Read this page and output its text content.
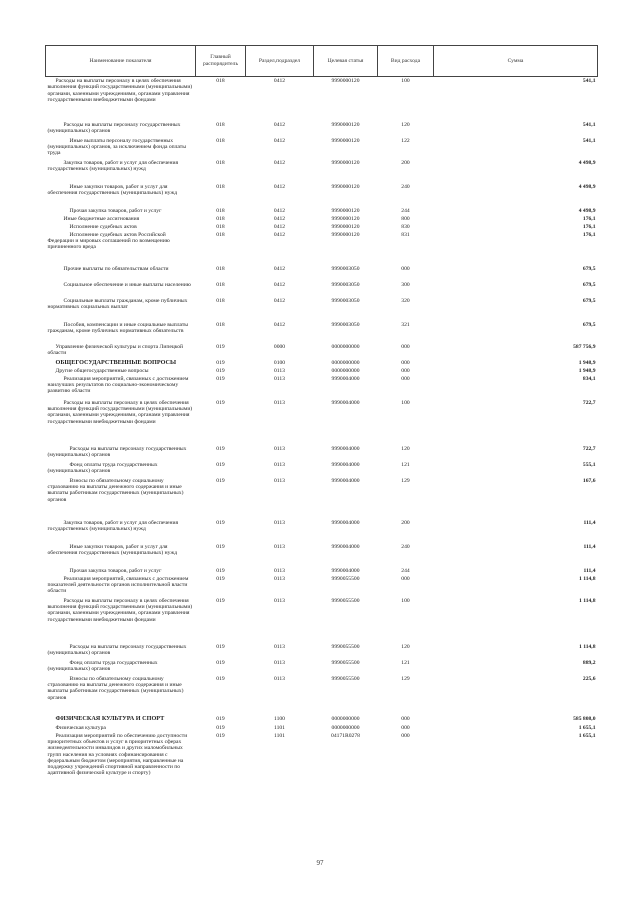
Наименование показателя	Главный распорядитель	Раздел,подраздел	Целевая статья	Вид расхода	Сумма

Расходы на выплаты персоналу в целях обеспечения выполнения функций государственными (муниципальными) органами, казенными учреждениями, органами управления государственными внебюджетными фондами	018	0412	9990000120	100	541,1

Расходы на выплаты персоналу государственных (муниципальных) органов	018	0412	9990000120	120	541,1

Иные выплаты персоналу государственных (муниципальных) органов, за исключением фонда оплаты труда	018	0412	9990000120	122	541,1

Закупка товаров, работ и услуг для обеспечения государственных (муниципальных) нужд	018	0412	9990000120	200	4 498,9

Иные закупки товаров, работ и услуг для обеспечения государственных (муниципальных) нужд	018	0412	9990000120	240	4 498,9

Прочая закупка товаров, работ и услуг	018	0412	9990000120	244	4 498,9

Иные бюджетные ассигнования	018	0412	9990000120	800	176,1

Исполнение судебных актов	018	0412	9990000120	830	176,1

Исполнение судебных актов Российской Федерации и мировых соглашений по возмещению причиненного вреда	018	0412	9990000120	831	176,1

Прочие выплаты по обязательствам области	018	0412	9990003050	000	679,5

Социальное обеспечение и иные выплаты населению	018	0412	9990003050	300	679,5

Социальные выплаты гражданам, кроме публичных нормативных социальных выплат	018	0412	9990003050	320	679,5

Пособия, компенсации и иные социальные выплаты гражданам, кроме публичных нормативных обязательств	018	0412	9990003050	321	679,5

Управление физической культуры и спорта Липецкой области	019	0000	0000000000	000	587 756,9

ОБЩЕГОСУДАРСТВЕННЫЕ ВОПРОСЫ	019	0100	0000000000	000	1 948,9

Другие общегосударственные вопросы	019	0113	0000000000	000	1 948,9

Реализация мероприятий, связанных с достижением наилучших результатов по социально-экономическому развитию области	019	0113	9990004000	000	834,1

Расходы на выплаты персоналу в целях обеспечения выполнения функций государственными (муниципальными) органами, казенными учреждениями, органами управления государственными внебюджетными фондами	019	0113	9990004000	100	722,7

Расходы на выплаты персоналу государственных (муниципальных) органов	019	0113	9990004000	120	722,7

Фонд оплаты труда государственных (муниципальных) органов	019	0113	9990004000	121	555,1

Взносы по обязательному социальному страхованию на выплаты денежного содержания и иные выплаты работникам государственных (муниципальных) органов	019	0113	9990004000	129	167,6

Закупка товаров, работ и услуг для обеспечения государственных (муниципальных) нужд	019	0113	9990004000	200	111,4

Иные закупки товаров, работ и услуг для обеспечения государственных (муниципальных) нужд	019	0113	9990004000	240	111,4

Прочая закупка товаров, работ и услуг	019	0113	9990004000	244	111,4

Реализация мероприятий, связанных с достижением показателей деятельности органов исполнительной власти области	019	0113	9990055500	000	1 114,8

Расходы на выплаты персоналу в целях обеспечения выполнения функций государственными (муниципальными) органами, казенными учреждениями, органами управления государственными внебюджетными фондами	019	0113	9990055500	100	1 114,8

Расходы на выплаты персоналу государственных (муниципальных) органов	019	0113	9990055500	120	1 114,8

Фонд оплаты труда государственных (муниципальных) органов	019	0113	9990055500	121	889,2

Взносы по обязательному социальному страхованию на выплаты денежного содержания и иные выплаты работникам государственных (муниципальных) органов	019	0113	9990055500	129	225,6

ФИЗИЧЕСКАЯ КУЛЬТУРА И СПОРТ	019	1100	0000000000	000	585 808,0

Физическая культура	019	1101	0000000000	000	1 655,1

Реализация мероприятий по обеспечению доступности приоритетных объектов и услуг в приоритетных сферах жизнедеятельности инвалидов и других маломобильных групп населения на условиях софинансирования с федеральным бюджетом (мероприятия, направленные на поддержку учреждений спортивной направленности по адаптивной физической культуре и спорту)	019	1101	04171R0278	000	1 655,1
97
